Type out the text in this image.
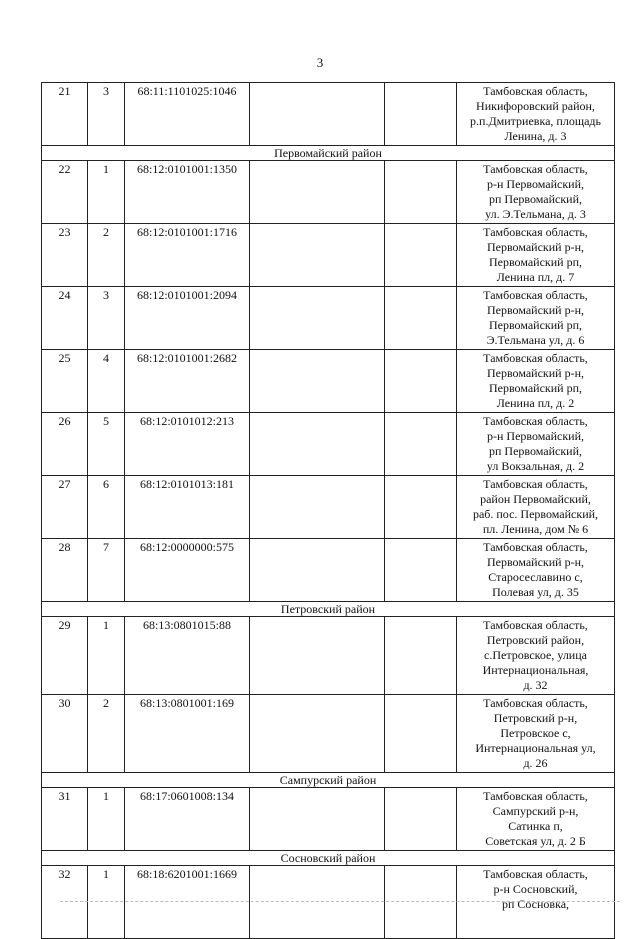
3
21	3	68:11:1101025:1046			Тамбовская область,
Никифоровский район,
р.п.Дмитриевка, площадь
Ленина, д. 3

Первомайский район					
22	1	68:12:0101001:1350			Тамбовская область,
р-н Первомайский,
рп Первомайский,
ул. Э.Тельмана, д. 3

23	2	68:12:0101001:1716			Тамбовская область,
Первомайский р-н,
Первомайский рп,
Ленина пл, д. 7

24	3	68:12:0101001:2094			Тамбовская область,
Первомайский р-н,
Первомайский рп,
Э.Тельмана ул, д. 6

25	4	68:12:0101001:2682			Тамбовская область,
Первомайский р-н,
Первомайский рп,
Ленина пл, д. 2

26	5	68:12:0101012:213			Тамбовская область,
р-н Первомайский,
рп Первомайский,
ул Вокзальная, д. 2

27	6	68:12:0101013:181			Тамбовская область,
район Первомайский,
раб. пос. Первомайский,
пл. Ленина, дом № 6

28	7	68:12:0000000:575			Тамбовская область,
Первомайский р-н,
Старосеславино с,
Полевая ул, д. 35

Петровский район					
29	1	68:13:0801015:88			Тамбовская область,
Петровский район,
с.Петровское, улица
Интернациональная,
д. 32

30	2	68:13:0801001:169			Тамбовская область,
Петровский р-н,
Петровское с,
Интернациональная ул,
д. 26

Сампурский район					
31	1	68:17:0601008:134			Тамбовская область,
Сампурский р-н,
Сатинка п,
Советская ул, д. 2 Б

Сосновский район					
32	1	68:18:6201001:1669			Тамбовская область,
р-н Сосновский,
рп Сосновка,
